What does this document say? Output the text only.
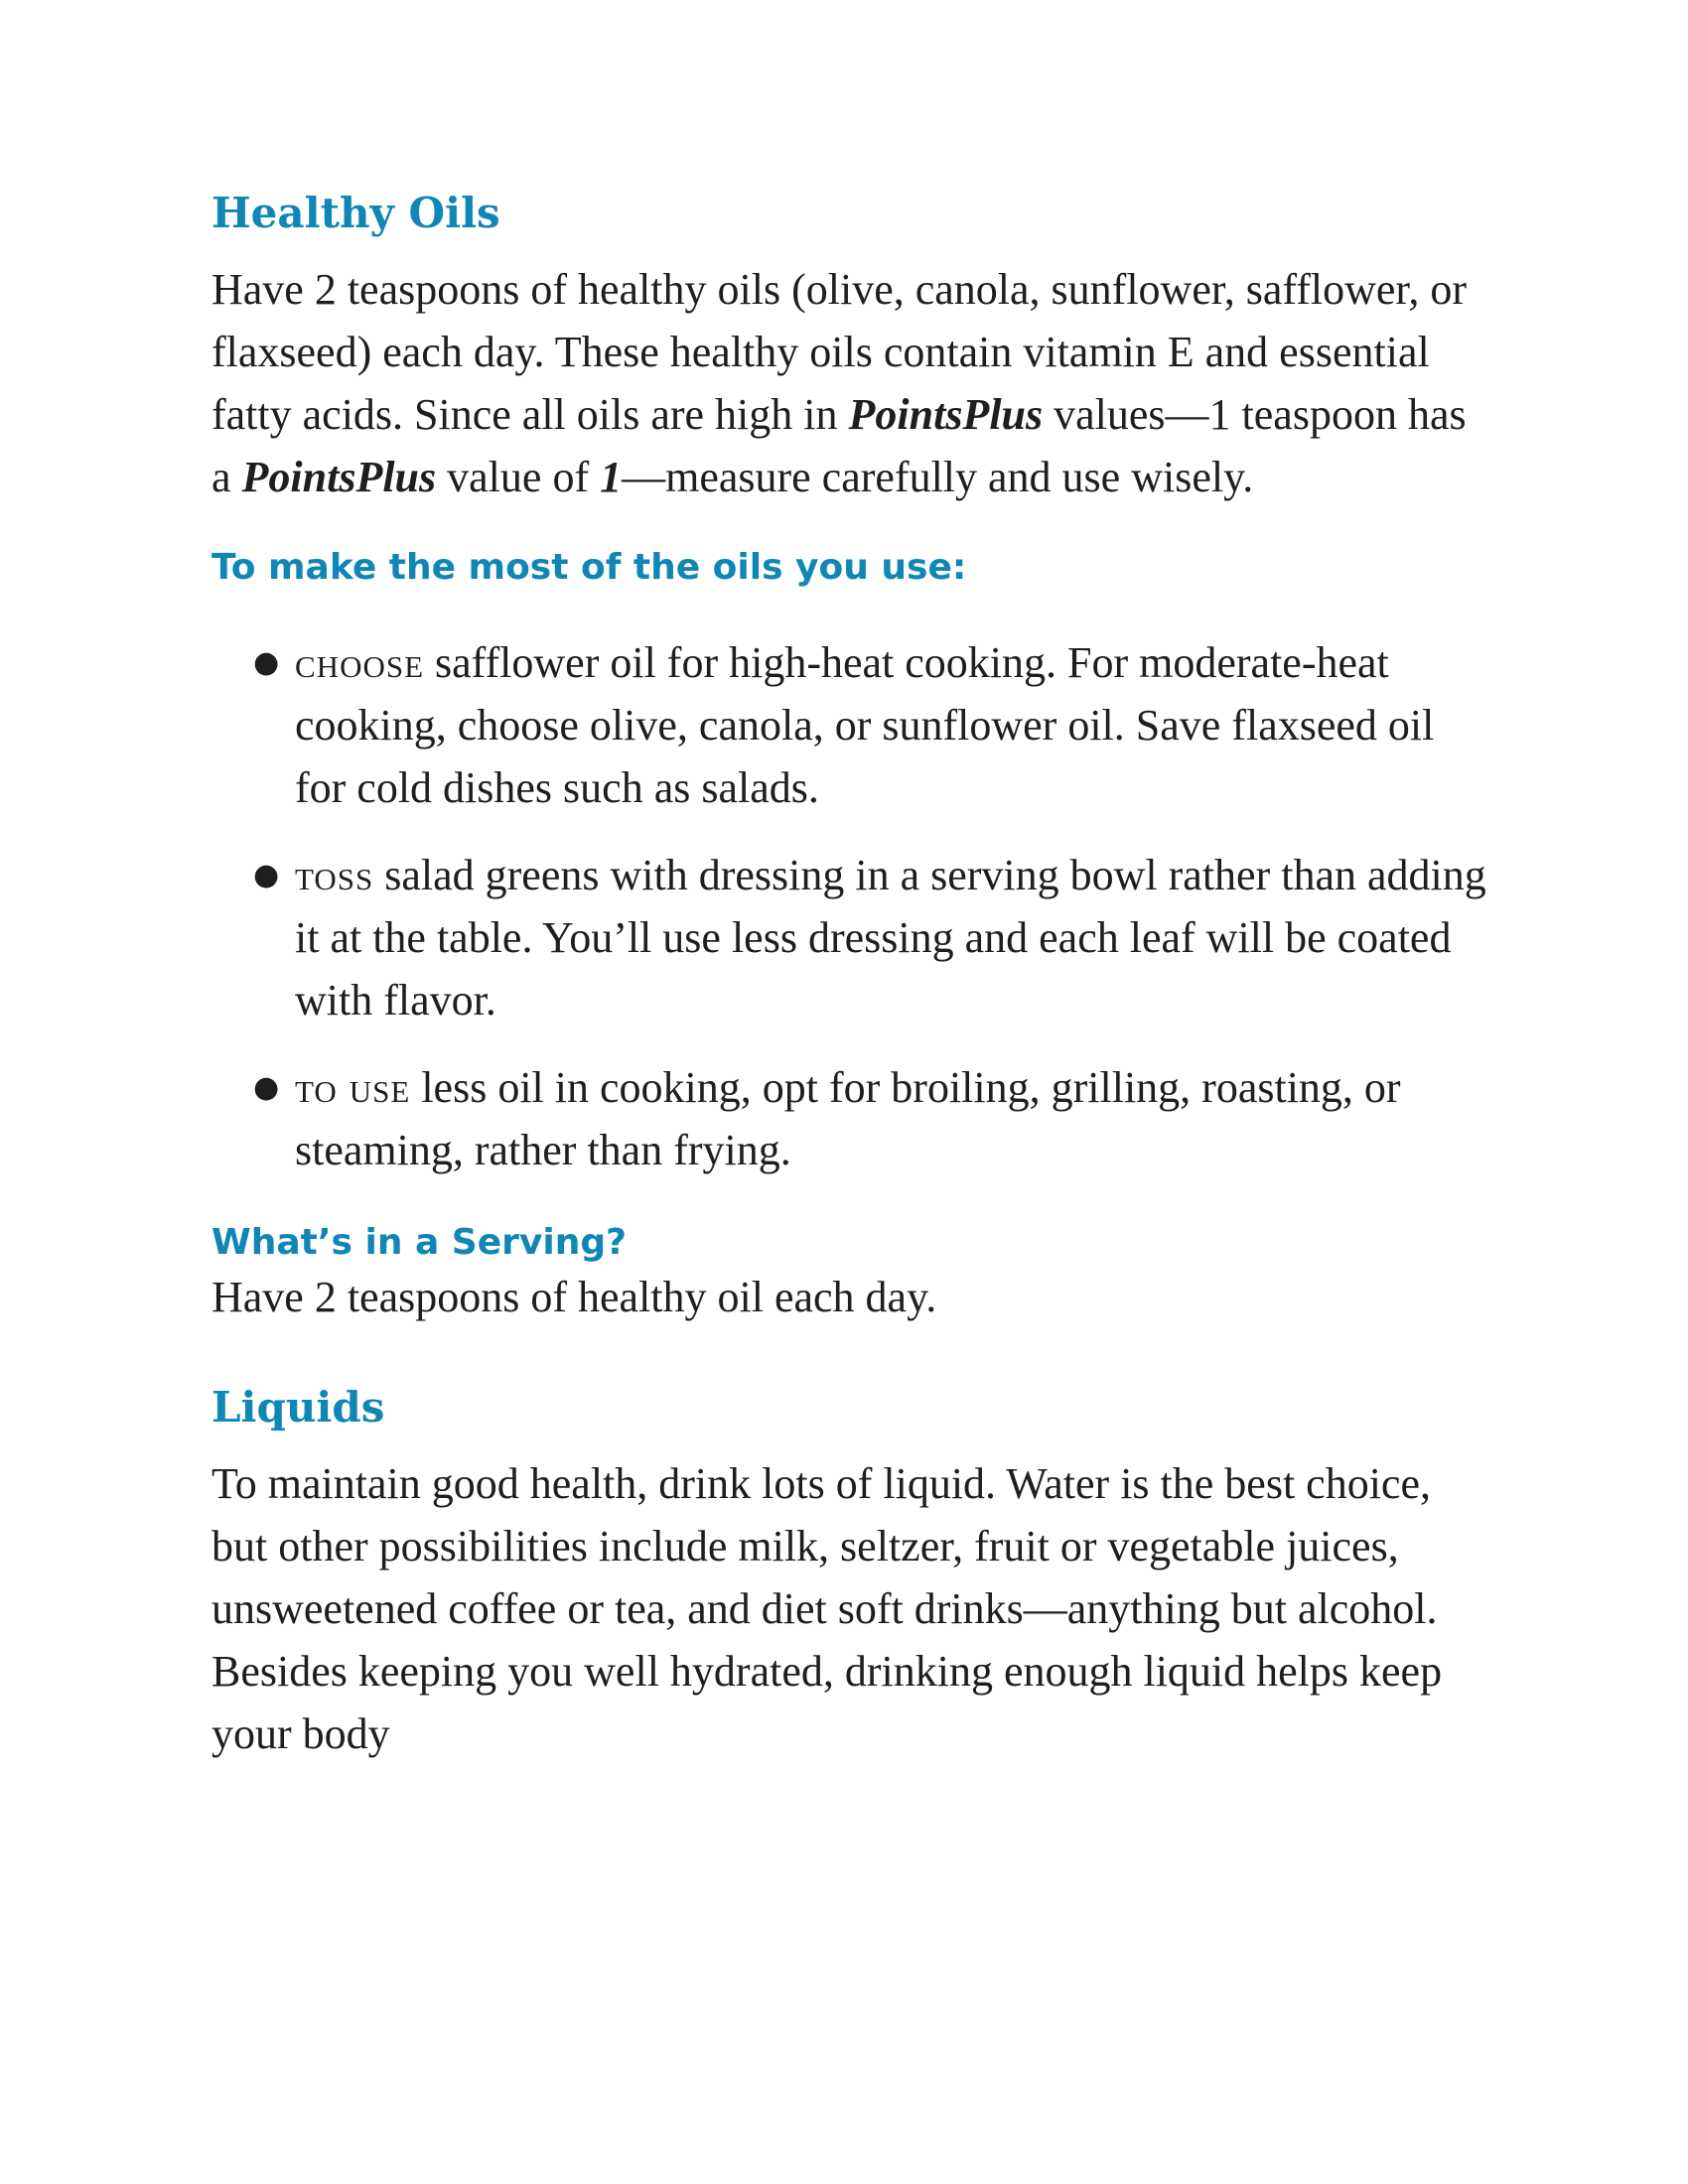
Healthy Oils

Have 2 teaspoons of healthy oils (olive, canola, sunflower, safflower, or flaxseed) each day. These healthy oils contain vitamin E and essential fatty acids. Since all oils are high in PointsPlus values—1 teaspoon has a PointsPlus value of 1—measure carefully and use wisely.

To make the most of the oils you use:
● choose safflower oil for high-heat cooking. For moderate-heat cooking, choose olive, canola, or sunflower oil. Save flaxseed oil for cold dishes such as salads.
● toss salad greens with dressing in a serving bowl rather than adding it at the table. You’ll use less dressing and each leaf will be coated with flavor.
● to use less oil in cooking, opt for broiling, grilling, roasting, or steaming, rather than frying.
What’s in a Serving?

Have 2 teaspoons of healthy oil each day.

Liquids

To maintain good health, drink lots of liquid. Water is the best choice, but other possibilities include milk, seltzer, fruit or vegetable juices, unsweetened coffee or tea, and diet soft drinks—anything but alcohol. Besides keeping you well hydrated, drinking enough liquid helps keep your body
